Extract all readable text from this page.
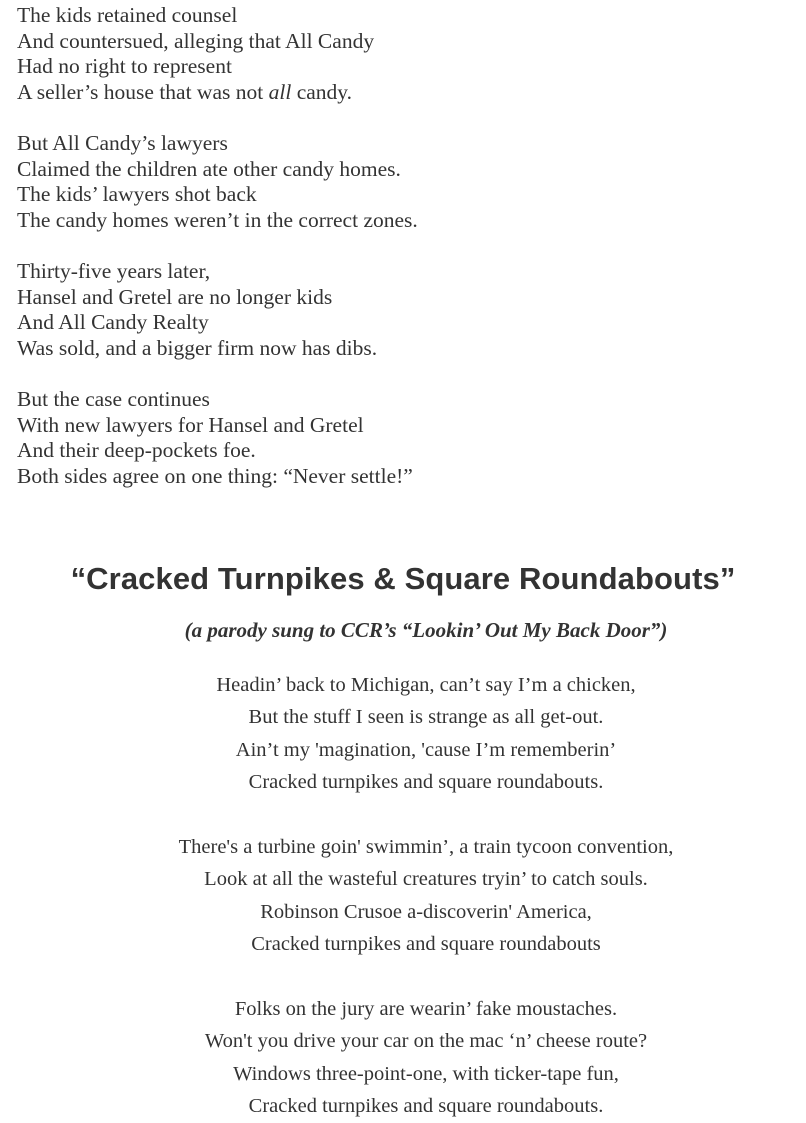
The kids retained counsel
And countersued, alleging that All Candy
Had no right to represent
A seller’s house that was not all candy.
But All Candy’s lawyers
Claimed the children ate other candy homes.
The kids’ lawyers shot back
The candy homes weren’t in the correct zones.
Thirty-five years later,
Hansel and Gretel are no longer kids
And All Candy Realty
Was sold, and a bigger firm now has dibs.
But the case continues
With new lawyers for Hansel and Gretel
And their deep-pockets foe.
Both sides agree on one thing: “Never settle!”
“Cracked Turnpikes & Square Roundabouts”
(a parody sung to CCR’s “Lookin’ Out My Back Door”)
Headin’ back to Michigan, can’t say I’m a chicken,
But the stuff I seen is strange as all get-out.
Ain’t my 'magination, 'cause I’m rememberin’
Cracked turnpikes and square roundabouts.
There's a turbine goin' swimmin’, a train tycoon convention,
Look at all the wasteful creatures tryin’ to catch souls.
Robinson Crusoe a-discoverin' America,
Cracked turnpikes and square roundabouts
Folks on the jury are wearin’ fake moustaches.
Won't you drive your car on the mac ‘n’ cheese route?
Windows three-point-one, with ticker-tape fun,
Cracked turnpikes and square roundabouts.
